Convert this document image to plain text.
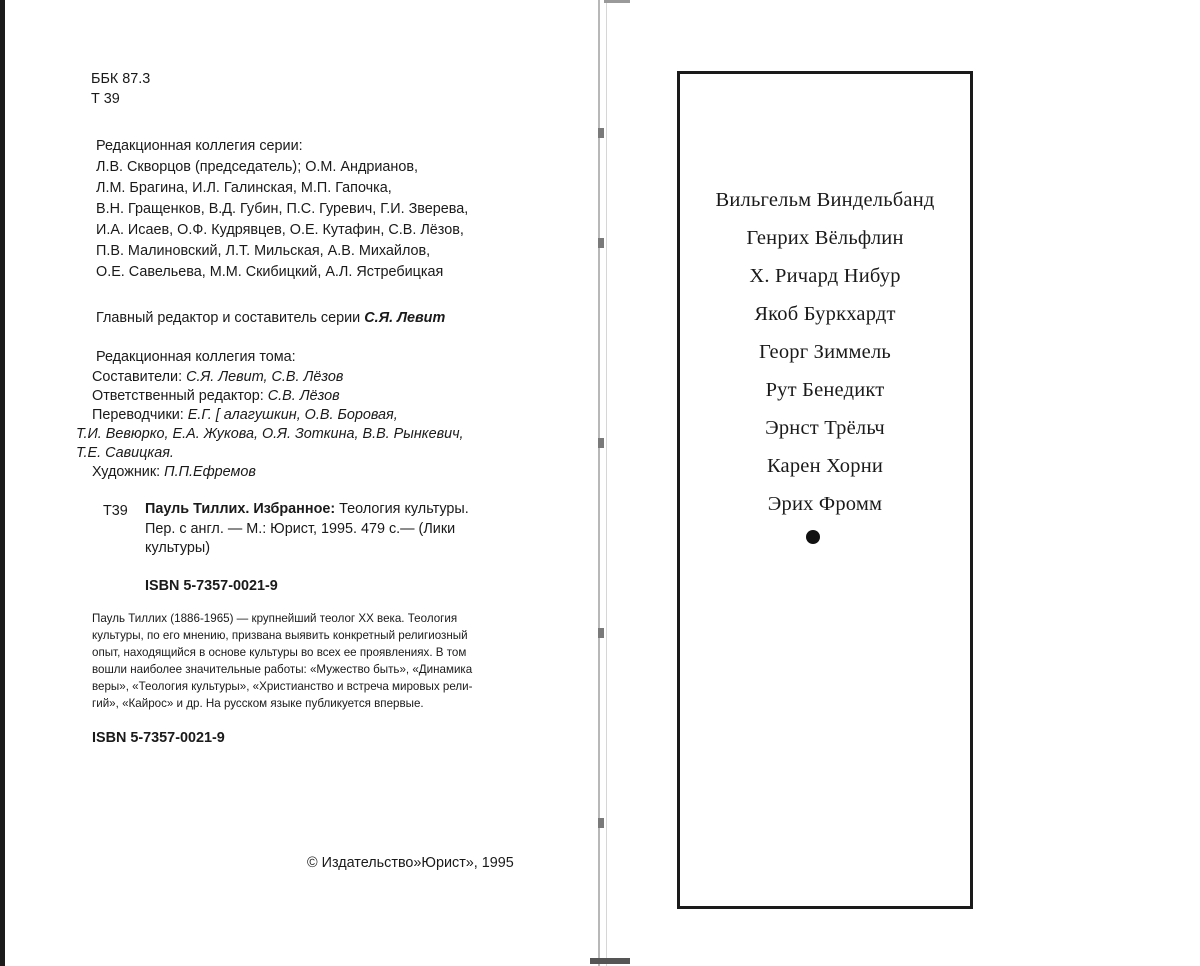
ББК 87.3
Т 39
Редакционная коллегия серии:
Л.В. Скворцов (председатель); О.М. Андрианов,
Л.М. Брагина, И.Л. Галинская, М.П. Гапочка,
В.Н. Гращенков, В.Д. Губин, П.С. Гуревич, Г.И. Зверева,
И.А. Исаев, О.Ф. Кудрявцев, О.Е. Кутафин, С.В. Лёзов,
П.В. Малиновский, Л.Т. Мильская, А.В. Михайлов,
О.Е. Савельева, М.М. Скибицкий, А.Л. Ястребицкая
Главный редактор и составитель серии С.Я. Левит
Редакционная коллегия тома:
Составители: С.Я. Левит, С.В. Лёзов
Ответственный редактор: С.В. Лёзов
Переводчики: Е.Г. [ алагушкин, О.В. Боровая,
Т.И. Вевюрко, Е.А. Жукова, О.Я. Зоткина, В.В. Рынкевич,
Т.Е. Савицкая.
Художник: П.П.Ефремов
Т39 Пауль Тиллих. Избранное: Теология культуры.
Пер. с англ. — М.: Юрист, 1995. 479 с.— (Лики
культуры)
ISBN 5-7357-0021-9
Пауль Тиллих (1886-1965) — крупнейший теолог XX века. Теология
культуры, по его мнению, призвана выявить конкретный религиозный
опыт, находящийся в основе культуры во всех ее проявлениях. В том
вошли наиболее значительные работы: «Мужество быть», «Динамика
веры», «Теология культуры», «Христианство и встреча мировых рели-
гий», «Кайрос» и др. На русском языке публикуется впервые.
ISBN 5-7357-0021-9
© Издательство»Юрист», 1995
Вильгельм Виндельбанд
Генрих Вёльфлин
Х. Ричард Нибур
Якоб Буркхардт
Георг Зиммель
Рут Бенедикт
Эрнст Трёльч
Карен Хорни
Эрих Фромм
